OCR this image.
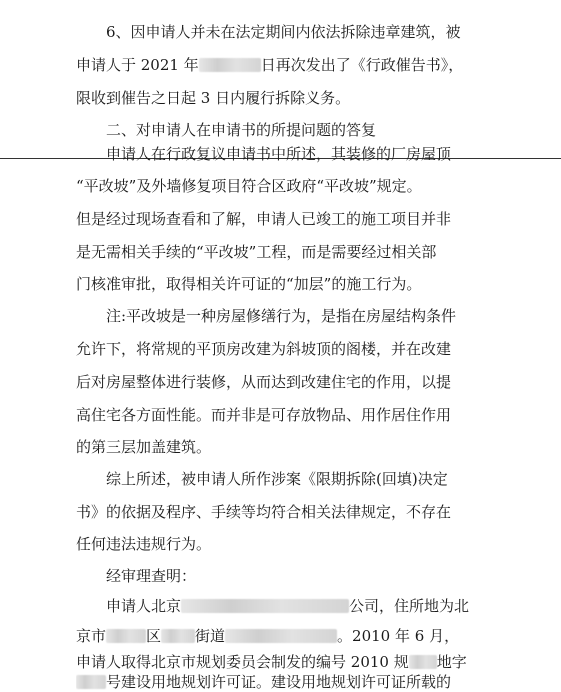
6、因申请人并未在法定期间内依法拆除违章建筑，被
申请人于 2021 年	日再次发出了《行政催告书》，
限收到催告之日起 3 日内履行拆除义务。
二、对申请人在申请书的所提问题的答复
申请人在行政复议申请书中所述，其装修的厂房屋顶
“平改坡”及外墙修复项目符合区政府“平改坡”规定。
但是经过现场查看和了解，申请人已竣工的施工项目并非
是无需相关手续的“平改坡”工程，而是需要经过相关部
门核准审批，取得相关许可证的“加层”的施工行为。
注:平改坡是一种房屋修缮行为，是指在房屋结构条件
允许下，将常规的平顶房改建为斜坡顶的阁楼，并在改建
后对房屋整体进行装修，从而达到改建住宅的作用，以提
高住宅各方面性能。而并非是可存放物品、用作居住作用
的第三层加盖建筑。
综上所述，被申请人所作涉案《限期拆除(回填)决定
书》的依据及程序、手续等均符合相关法律规定，不存在
任何违法违规行为。
经审理查明：
申请人北京	公司，住所地为北
京市	区 街道	。2010 年 6 月，
申请人取得北京市规划委员会制发的编号 2010 规 地字
号建设用地规划许可证。建设用地规划许可证所载的
